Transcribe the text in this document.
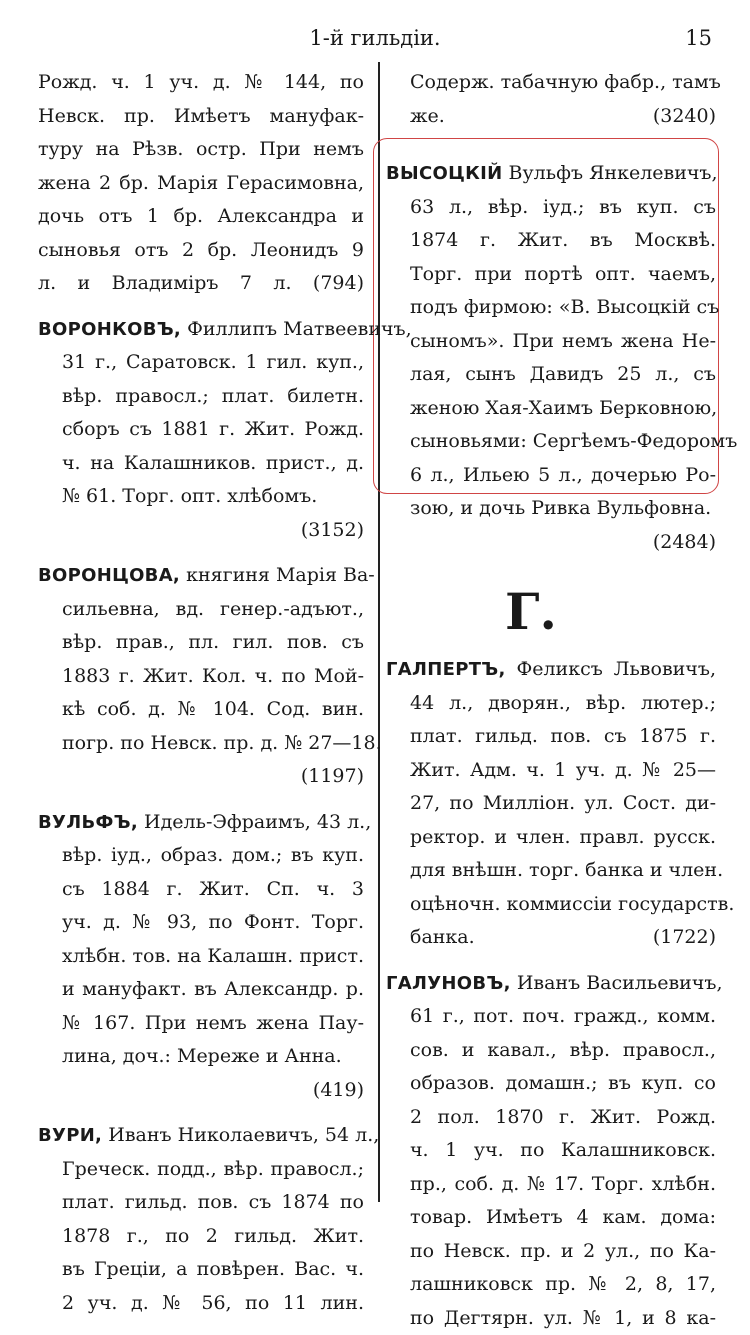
1-й гильдіи.	15
Рожд. ч. 1 уч. д. № 144, по
Невск. пр. Имѣетъ мануфак-
туру на Рѣзв. остр. При немъ
жена 2 бр. Марія Герасимовна,
дочь отъ 1 бр. Александра и
сыновья отъ 2 бр. Леонидъ 9
л. и Владиміръ 7 л. (794)
ВОРОНКОВЪ, Филлипъ Матвеевичъ,
31 г., Саратовск. 1 гил. куп.,
вѣр. правосл.; плат. билетн.
сборъ съ 1881 г. Жит. Рожд.
ч. на Калашников. прист., д.
№ 61. Торг. опт. хлѣбомъ.
(3152)
ВОРОНЦОВА, княгиня Марія Ва-
сильевна, вд. генер.-адъют.,
вѣр. прав., пл. гил. пов. съ
1883 г. Жит. Кол. ч. по Мой-
кѣ соб. д. № 104. Сод. вин.
погр. по Невск. пр. д. № 27—18.
(1197)
ВУЛЬФЪ, Идель-Эфраимъ, 43 л.,
вѣр. іуд., образ. дом.; въ куп.
съ 1884 г. Жит. Сп. ч. 3
уч. д. № 93, по Фонт. Торг.
хлѣбн. тов. на Калашн. прист.
и мануфакт. въ Александр. р.
№ 167. При немъ жена Пау-
лина, доч.: Мереже и Анна.
(419)
ВУРИ, Иванъ Николаевичъ, 54 л.,
Греческ. подд., вѣр. правосл.;
плат. гильд. пов. съ 1874 по
1878 г., по 2 гильд. Жит.
въ Греціи, а повѣрен. Вас. ч.
2 уч. д. № 56, по 11 лин.
Содерж. табачную фабр., тамъ
же. (3240)
ВЫСОЦКІЙ Вульфъ Янкелевичъ,
63 л., вѣр. іуд.; въ куп. съ
1874 г. Жит. въ Москвѣ.
Торг. при портѣ опт. чаемъ,
подъ фирмою: «В. Высоцкій съ
сыномъ». При немъ жена Не-
лая, сынъ Давидъ 25 л., съ
женою Хая-Хаимъ Берковною,
сыновьями: Сергѣемъ-Федоромъ
6 л., Ильею 5 л., дочерью Ро-
зою, и дочь Ривка Вульфовна.
(2484)
Г.
ГАЛПЕРТЪ, Феликсъ Львовичъ,
44 л., дворян., вѣр. лютер.;
плат. гильд. пов. съ 1875 г.
Жит. Адм. ч. 1 уч. д. № 25—
27, по Милліон. ул. Сост. ди-
ректор. и член. правл. русск.
для внѣшн. торг. банка и член.
оцѣночн. коммиссіи государств.
банка. (1722)
ГАЛУНОВЪ, Иванъ Васильевичъ,
61 г., пот. поч. гражд., комм.
сов. и кавал., вѣр. правосл.,
образов. домашн.; въ куп. со
2 пол. 1870 г. Жит. Рожд.
ч. 1 уч. по Калашниковск.
пр., соб. д. № 17. Торг. хлѣбн.
товар. Имѣетъ 4 кам. дома:
по Невск. пр. и 2 ул., по Ка-
лашниковск пр. № 2, 8, 17,
по Дегтярн. ул. № 1, и 8 ка-
